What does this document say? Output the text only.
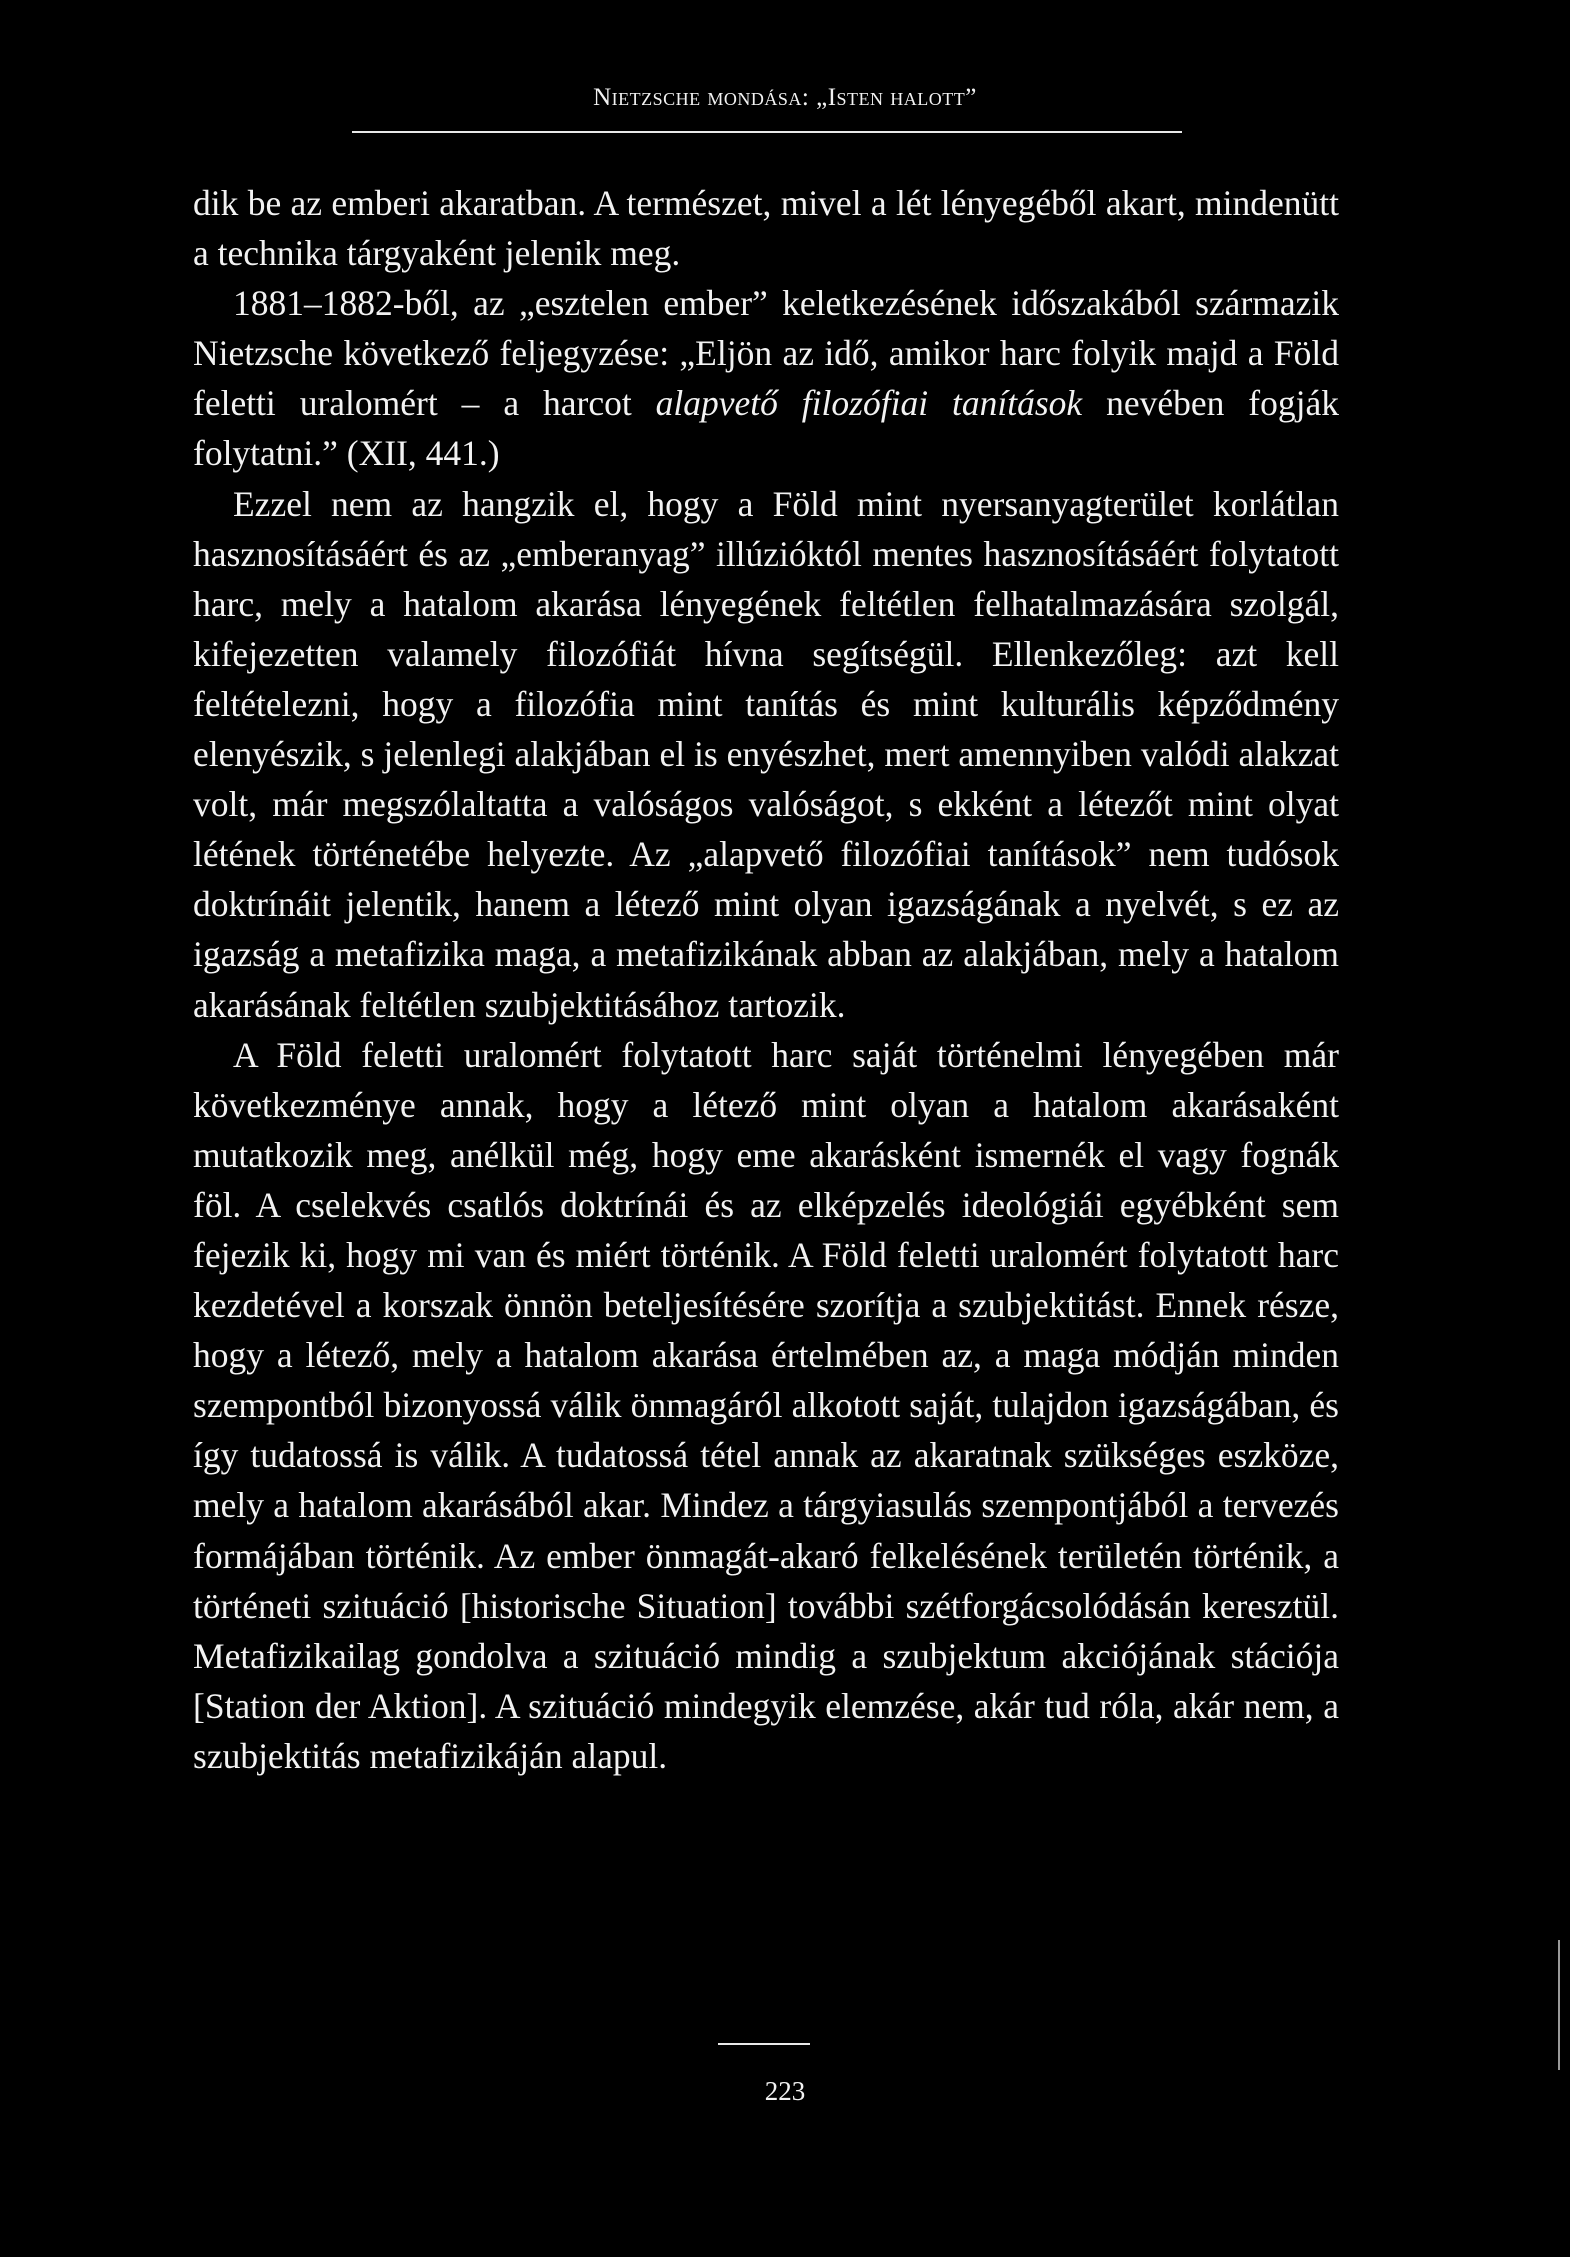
Nietzsche mondása: „Isten halott”

dik be az emberi akaratban. A természet, mivel a lét lényegéből akart, mindenütt a technika tárgyaként jelenik meg.

1881–1882-ből, az „esztelen ember” keletkezésének időszakából származik Nietzsche következő feljegyzése: „Eljön az idő, amikor harc folyik majd a Föld feletti uralomért – a harcot alapvető filozófiai tanítások nevében fogják folytatni.” (XII, 441.)

Ezzel nem az hangzik el, hogy a Föld mint nyersanyagterület korlátlan hasznosításáért és az „emberanyag” illúzióktól mentes hasznosításáért folytatott harc, mely a hatalom akarása lényegének feltétlen felhatalmazására szolgál, kifejezetten valamely filozófiát hívna segítségül. Ellenkezőleg: azt kell feltételezni, hogy a filozófia mint tanítás és mint kulturális képződmény elenyészik, s jelenlegi alakjában el is enyészhet, mert amennyiben valódi alakzat volt, már megszólaltatta a valóságos valóságot, s ekként a létezőt mint olyat létének történetébe helyezte. Az „alapvető filozófiai tanítások” nem tudósok doktrínáit jelentik, hanem a létező mint olyan igazságának a nyelvét, s ez az igazság a metafizika maga, a metafizikának abban az alakjában, mely a hatalom akarásának feltétlen szubjektitásához tartozik.

A Föld feletti uralomért folytatott harc saját történelmi lényegében már következménye annak, hogy a létező mint olyan a hatalom akarásaként mutatkozik meg, anélkül még, hogy eme akarásként ismernék el vagy fognák föl. A cselekvés csatlós doktrínái és az elképzelés ideológiái egyébként sem fejezik ki, hogy mi van és miért történik. A Föld feletti uralomért folytatott harc kezdetével a korszak önnön beteljesítésére szorítja a szubjektitást. Ennek része, hogy a létező, mely a hatalom akarása értelmében az, a maga módján minden szempontból bizonyossá válik önmagáról alkotott saját, tulajdon igazságában, és így tudatossá is válik. A tudatossá tétel annak az akaratnak szükséges eszköze, mely a hatalom akarásából akar. Mindez a tárgyiasulás szempontjából a tervezés formájában történik. Az ember önmagát-akaró felkelésének területén történik, a történeti szituáció [historische Situation] további szétforgácsolódásán keresztül. Metafizikailag gondolva a szituáció mindig a szubjektum akciójának stációja [Station der Aktion]. A szituáció mindegyik elemzése, akár tud róla, akár nem, a szubjektitás metafizikáján alapul.

223
